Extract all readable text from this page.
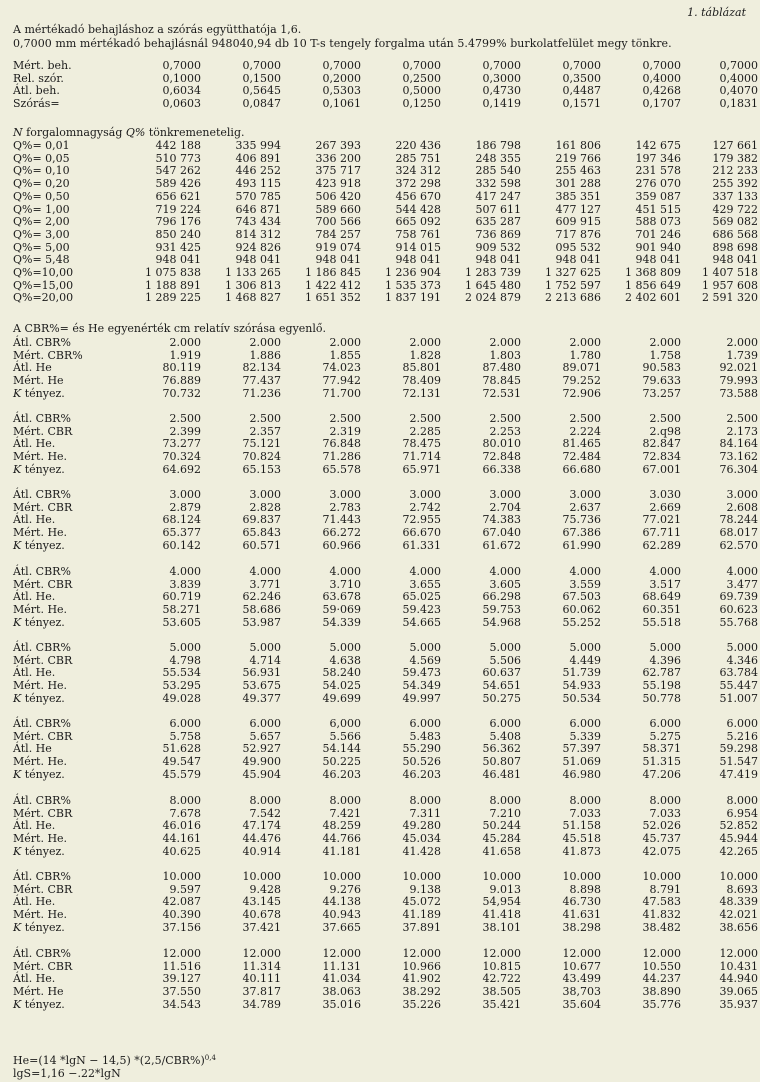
1. táblázat
A mértékadó behajláshoz a szórás együtthatója 1,6.
0,7000 mm mértékadó behajlásnál 948040,94 db 10 T-s tengely forgalma után 5.4799% burkolatfelület megy tönkre.
Mért. beh.	0,7000	0,7000	0,7000	0,7000	0,7000	0,7000	0,7000	0,7000
Rel. szór.	0,1000	0,1500	0,2000	0,2500	0,3000	0,3500	0,4000	0,4000
Átl. beh.	0,6034	0,5645	0,5303	0,5000	0,4730	0,4487	0,4268	0,4070
Szórás=	0,0603	0,0847	0,1061	0,1250	0,1419	0,1571	0,1707	0,1831
N forgalomnagyság Q% tönkremenetelig.
Q%= 0,01	442 188	335 994	267 393	220 436	186 798	161 806	142 675	127 661
Q%= 0,05	510 773	406 891	336 200	285 751	248 355	219 766	197 346	179 382
Q%= 0,10	547 262	446 252	375 717	324 312	285 540	255 463	231 578	212 233
Q%= 0,20	589 426	493 115	423 918	372 298	332 598	301 288	276 070	255 392
Q%= 0,50	656 621	570 785	506 420	456 670	417 247	385 351	359 087	337 133
Q%= 1,00	719 224	646 871	589 660	544 428	507 611	477 127	451 515	429 722
Q%= 2,00	796 176	743 434	700 566	665 092	635 287	609 915	588 073	569 082
Q%= 3,00	850 240	814 312	784 257	758 761	736 869	717 876	701 246	686 568
Q%= 5,00	931 425	924 826	919 074	914 015	909 532	095 532	901 940	898 698
Q%= 5,48	948 041	948 041	948 041	948 041	948 041	948 041	948 041	948 041
Q%=10,00	1 075 838	1 133 265	1 186 845	1 236 904	1 283 739	1 327 625	1 368 809	1 407 518
Q%=15,00	1 188 891	1 306 813	1 422 412	1 535 373	1 645 480	1 752 597	1 856 649	1 957 608
Q%=20,00	1 289 225	1 468 827	1 651 352	1 837 191	2 024 879	2 213 686	2 402 601	2 591 320
A CBR%= és He egyenérték cm relatív szórása egyenlő.
Átl. CBR%	2.000	2.000	2.000	2.000	2.000	2.000	2.000	2.000
Mért. CBR%	1.919	1.886	1.855	1.828	1.803	1.780	1.758	1.739
Átl. He	80.119	82.134	74.023	85.801	87.480	89.071	90.583	92.021
Mért. He	76.889	77.437	77.942	78.409	78.845	79.252	79.633	79.993
K tényez.	70.732	71.236	71.700	72.131	72.531	72.906	73.257	73.588
Átl. CBR%	2.500	2.500	2.500	2.500	2.500	2.500	2.500	2.500
Mért. CBR	2.399	2.357	2.319	2.285	2.253	2.224	2.q98	2.173
Átl. He.	73.277	75.121	76.848	78.475	80.010	81.465	82.847	84.164
Mért. He.	70.324	70.824	71.286	71.714	72.848	72.484	72.834	73.162
K tényez.	64.692	65.153	65.578	65.971	66.338	66.680	67.001	76.304
Átl. CBR%	3.000	3.000	3.000	3.000	3.000	3.000	3.030	3.000
Mért. CBR	2.879	2.828	2.783	2.742	2.704	2.637	2.669	2.608
Átl. He.	68.124	69.837	71.443	72.955	74.383	75.736	77.021	78.244
Mért. He.	65.377	65.843	66.272	66.670	67.040	67.386	67.711	68.017
K tényez.	60.142	60.571	60.966	61.331	61.672	61.990	62.289	62.570
Átl. CBR%	4.000	4.000	4.000	4.000	4.000	4.000	4.000	4.000
Mért. CBR	3.839	3.771	3.710	3.655	3.605	3.559	3.517	3.477
Átl. He.	60.719	62.246	63.678	65.025	66.298	67.503	68.649	69.739
Mért. He.	58.271	58.686	59·069	59.423	59.753	60.062	60.351	60.623
K tényez.	53.605	53.987	54.339	54.665	54.968	55.252	55.518	55.768
Átl. CBR%	5.000	5.000	5.000	5.000	5.000	5.000	5.000	5.000
Mért. CBR	4.798	4.714	4.638	4.569	5.506	4.449	4.396	4.346
Átl. He.	55.534	56.931	58.240	59.473	60.637	51.739	62.787	63.784
Mért. He.	53.295	53.675	54.025	54.349	54.651	54.933	55.198	55.447
K tényez.	49.028	49.377	49.699	49.997	50.275	50.534	50.778	51.007
Átl. CBR%	6.000	6.000	6,000	6.000	6.000	6.000	6.000	6.000
Mért. CBR	5.758	5.657	5.566	5.483	5.408	5.339	5.275	5.216
Átl. He	51.628	52.927	54.144	55.290	56.362	57.397	58.371	59.298
Mért. He.	49.547	49.900	50.225	50.526	50.807	51.069	51.315	51.547
K tényez.	45.579	45.904	46.203	46.203	46.481	46.980	47.206	47.419
Átl. CBR%	8.000	8.000	8.000	8.000	8.000	8.000	8.000	8.000
Mért. CBR	7.678	7.542	7.421	7.311	7.210	7.033	7.033	6.954
Átl. He.	46.016	47.174	48.259	49.280	50.244	51.158	52.026	52.852
Mért. He.	44.161	44.476	44.766	45.034	45.284	45.518	45.737	45.944
K tényez.	40.625	40.914	41.181	41.428	41.658	41.873	42.075	42.265
Átl. CBR%	10.000	10.000	10.000	10.000	10.000	10.000	10.000	10.000
Mért. CBR	9.597	9.428	9.276	9.138	9.013	8.898	8.791	8.693
Átl. He.	42.087	43.145	44.138	45.072	54,954	46.730	47.583	48.339
Mért. He.	40.390	40.678	40.943	41.189	41.418	41.631	41.832	42.021
K tényez.	37.156	37.421	37.665	37.891	38.101	38.298	38.482	38.656
Átl. CBR%	12.000	12.000	12.000	12.000	12.000	12.000	12.000	12.000
Mért. CBR	11.516	11.314	11.131	10.966	10.815	10.677	10.550	10.431
Átl. He.	39.127	40.111	41.034	41.902	42.722	43.499	44.237	44.940
Mért. He	37.550	37.817	38.063	38.292	38.505	38,703	38.890	39.065
K tényez.	34.543	34.789	35.016	35.226	35.421	35.604	35.776	35.937
He=(14 *lgN − 14,5) $*(2,5/CBR\%)^{0,4}$
lgS=1,16 −.22*lgN
